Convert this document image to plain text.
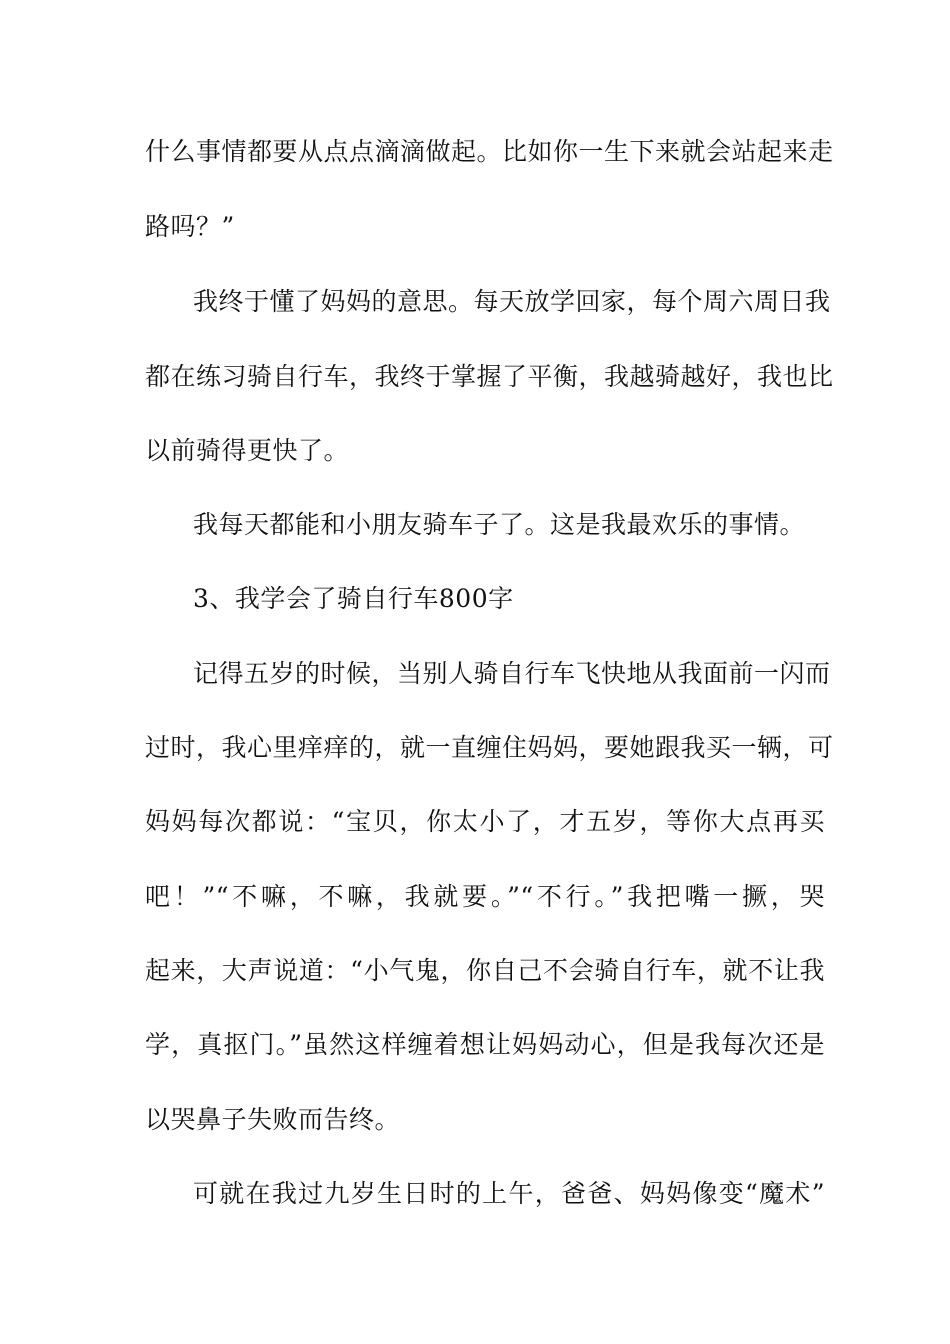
什么事情都要从点点滴滴做起。比如你一生下来就会站起来走
路吗？”
我终于懂了妈妈的意思。每天放学回家，每个周六周日我
都在练习骑自行车，我终于掌握了平衡，我越骑越好，我也比
以前骑得更快了。
我每天都能和小朋友骑车子了。这是我最欢乐的事情。
3、我学会了骑自行车800字
记得五岁的时候，当别人骑自行车飞快地从我面前一闪而
过时，我心里痒痒的，就一直缠住妈妈，要她跟我买一辆，可
妈妈每次都说：“宝贝，你太小了，才五岁，等你大点再买
吧！”“不嘛，不嘛，我就要。”“不行。”我把嘴一撅，哭
起来，大声说道：“小气鬼，你自己不会骑自行车，就不让我
学，真抠门。”虽然这样缠着想让妈妈动心，但是我每次还是
以哭鼻子失败而告终。
可就在我过九岁生日时的上午，爸爸、妈妈像变“魔术”
